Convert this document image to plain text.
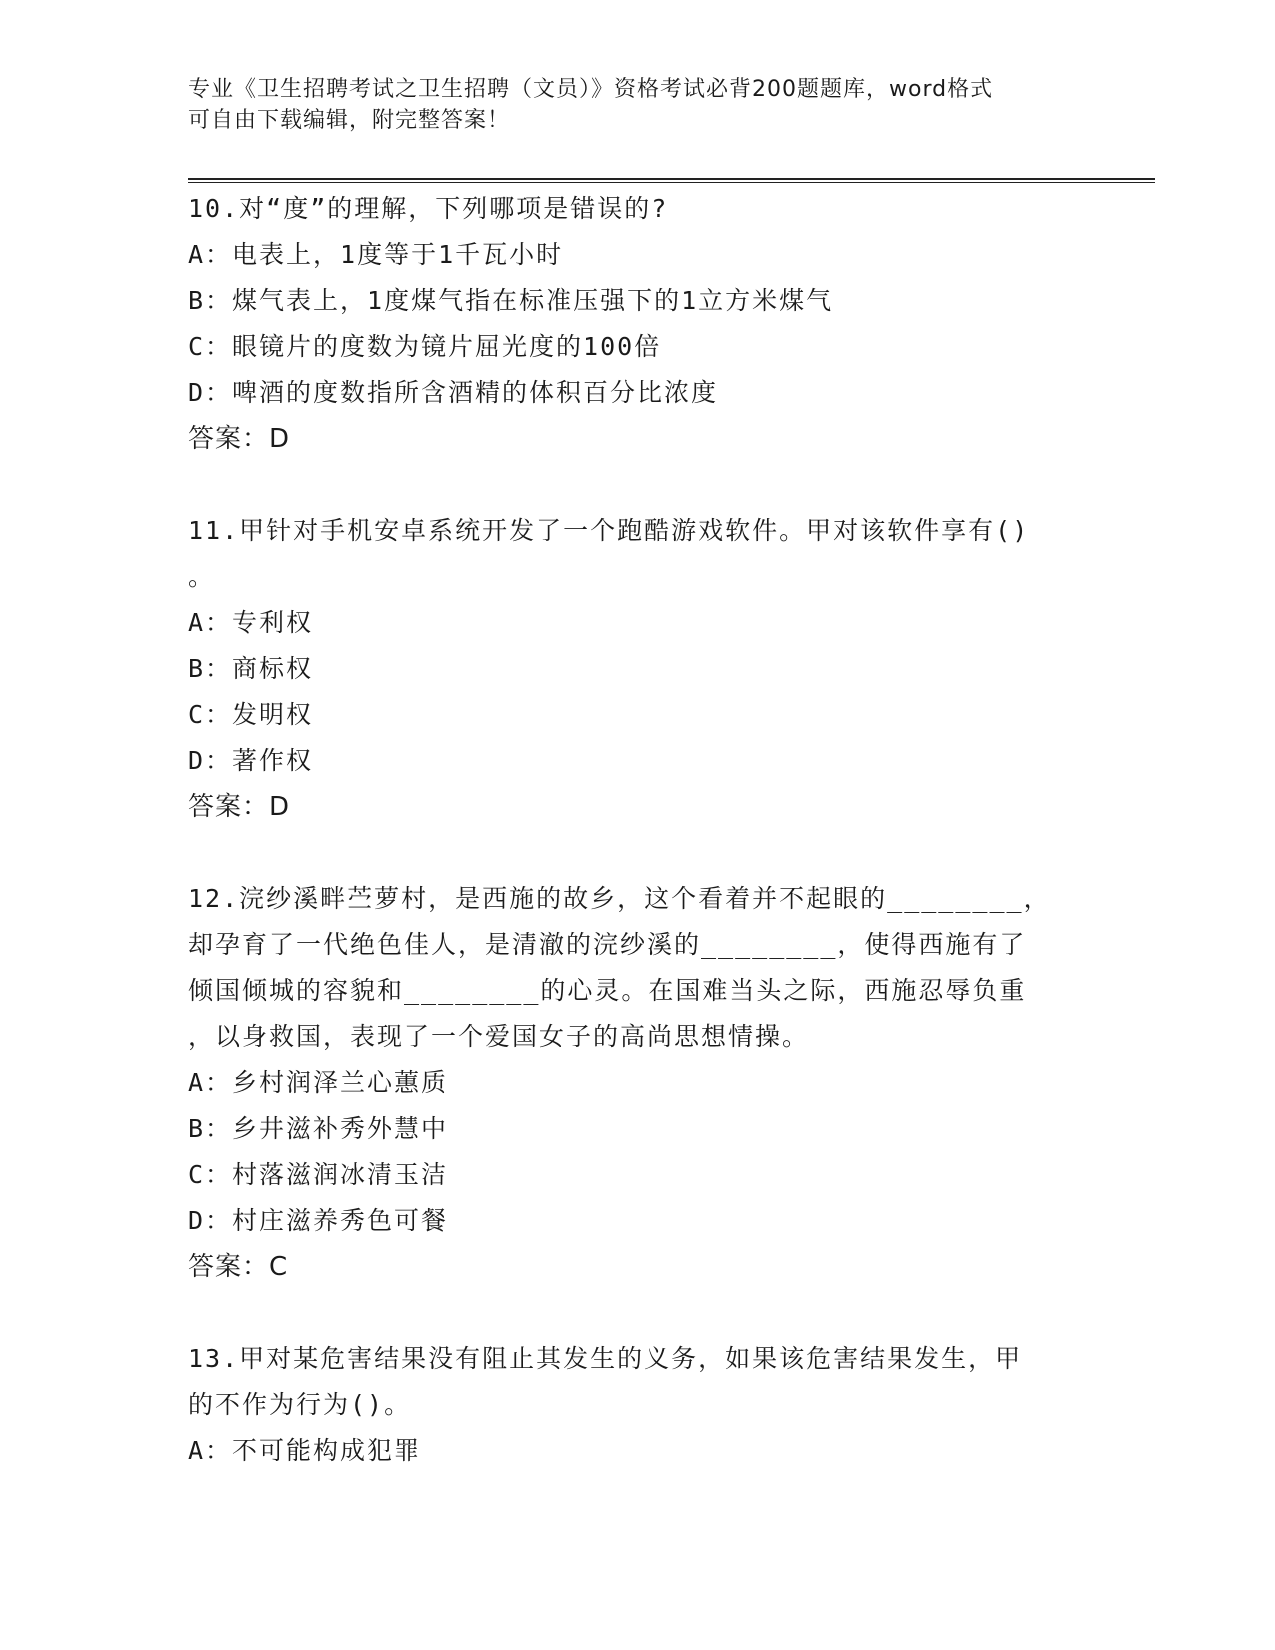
专业《卫生招聘考试之卫生招聘（文员）》资格考试必背200题题库，word格式
可自由下载编辑，附完整答案！
10.对“度”的理解，下列哪项是错误的?
A：电表上，1度等于1千瓦小时
B：煤气表上，1度煤气指在标准压强下的1立方米煤气
C：眼镜片的度数为镜片屈光度的100倍
D：啤酒的度数指所含酒精的体积百分比浓度
答案：D
11.甲针对手机安卓系统开发了一个跑酷游戏软件。甲对该软件享有()
。
A：专利权
B：商标权
C：发明权
D：著作权
答案：D
12.浣纱溪畔苎萝村，是西施的故乡，这个看着并不起眼的________，
却孕育了一代绝色佳人，是清澈的浣纱溪的________，使得西施有了
倾国倾城的容貌和________的心灵。在国难当头之际，西施忍辱负重
，以身救国，表现了一个爱国女子的高尚思想情操。
A：乡村润泽兰心蕙质
B：乡井滋补秀外慧中
C：村落滋润冰清玉洁
D：村庄滋养秀色可餐
答案：C
13.甲对某危害结果没有阻止其发生的义务，如果该危害结果发生，甲
的不作为行为()。
A：不可能构成犯罪
